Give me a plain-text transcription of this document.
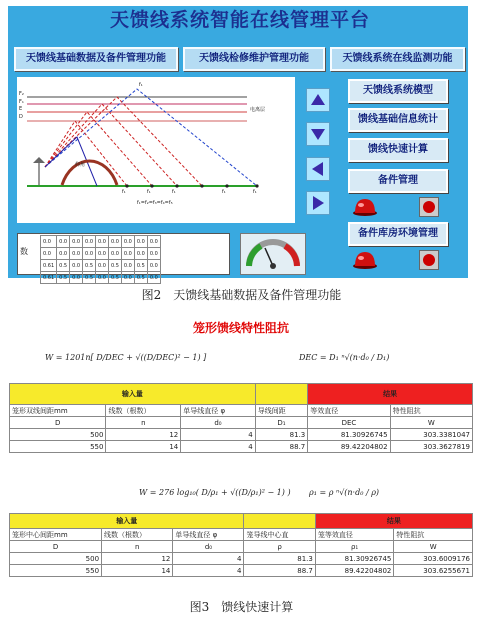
天馈线系统智能在线管理平台
天馈线基础数据及备件管理功能	天馈线检修维护管理功能	天馈线系统在线监测功能
F₂
F₁
E
D
电离层
仰角
f₁
f₁	f₁	f₁	f₁	f₁
f₁=f₂=f₃=f₄=f₅
天馈线系统模型
馈线基础信息统计
馈线快速计算
备件管理
备件库房环境管理
数
0.0	0.0	0.0	0.0	0.0	0.0	0.0	0.0	0.0
0.0	0.0	0.0	0.0	0.0	0.0	0.0	0.0	0.0
0.61	0.5	0.0	0.5	0.0	0.5	0.0	0.5	0.0
0.61	0.5	0.0	0.5	0.0	0.5	0.0	0.5	0.0
图2　天馈线基础数据及备件管理功能
笼形馈线特性阻抗
W = 1201n[ D/DEC + √((D/DEC)² − 1) ]	DEC = D₁ ⁿ√(n·d₀ / D₁)
输入量				结果	
笼形双线间距mm	线数（根数）	单导线直径 φ	导线间距	等效直径	特性阻抗
D	n	d₀	D₁	DEC	W
500	12	4	81.3	81.30926745	303.3381047
550	14	4	88.7	89.42204802	303.3627819
W = 276 log₁₀( D/ρ₁ + √((D/ρ₁)² − 1) ) ρ₁ = ρ ⁿ√(n·d₀ / ρ)
输入量				结果	
笼形中心间距mm	线数（根数）	单导线直径 φ	笼导线中心直	笼等效直径	特性阻抗
D	n	d₀	ρ	ρ₁	W
500	12	4	81.3	81.30926745	303.6009176
550	14	4	88.7	89.42204802	303.6255671
图3　馈线快速计算
